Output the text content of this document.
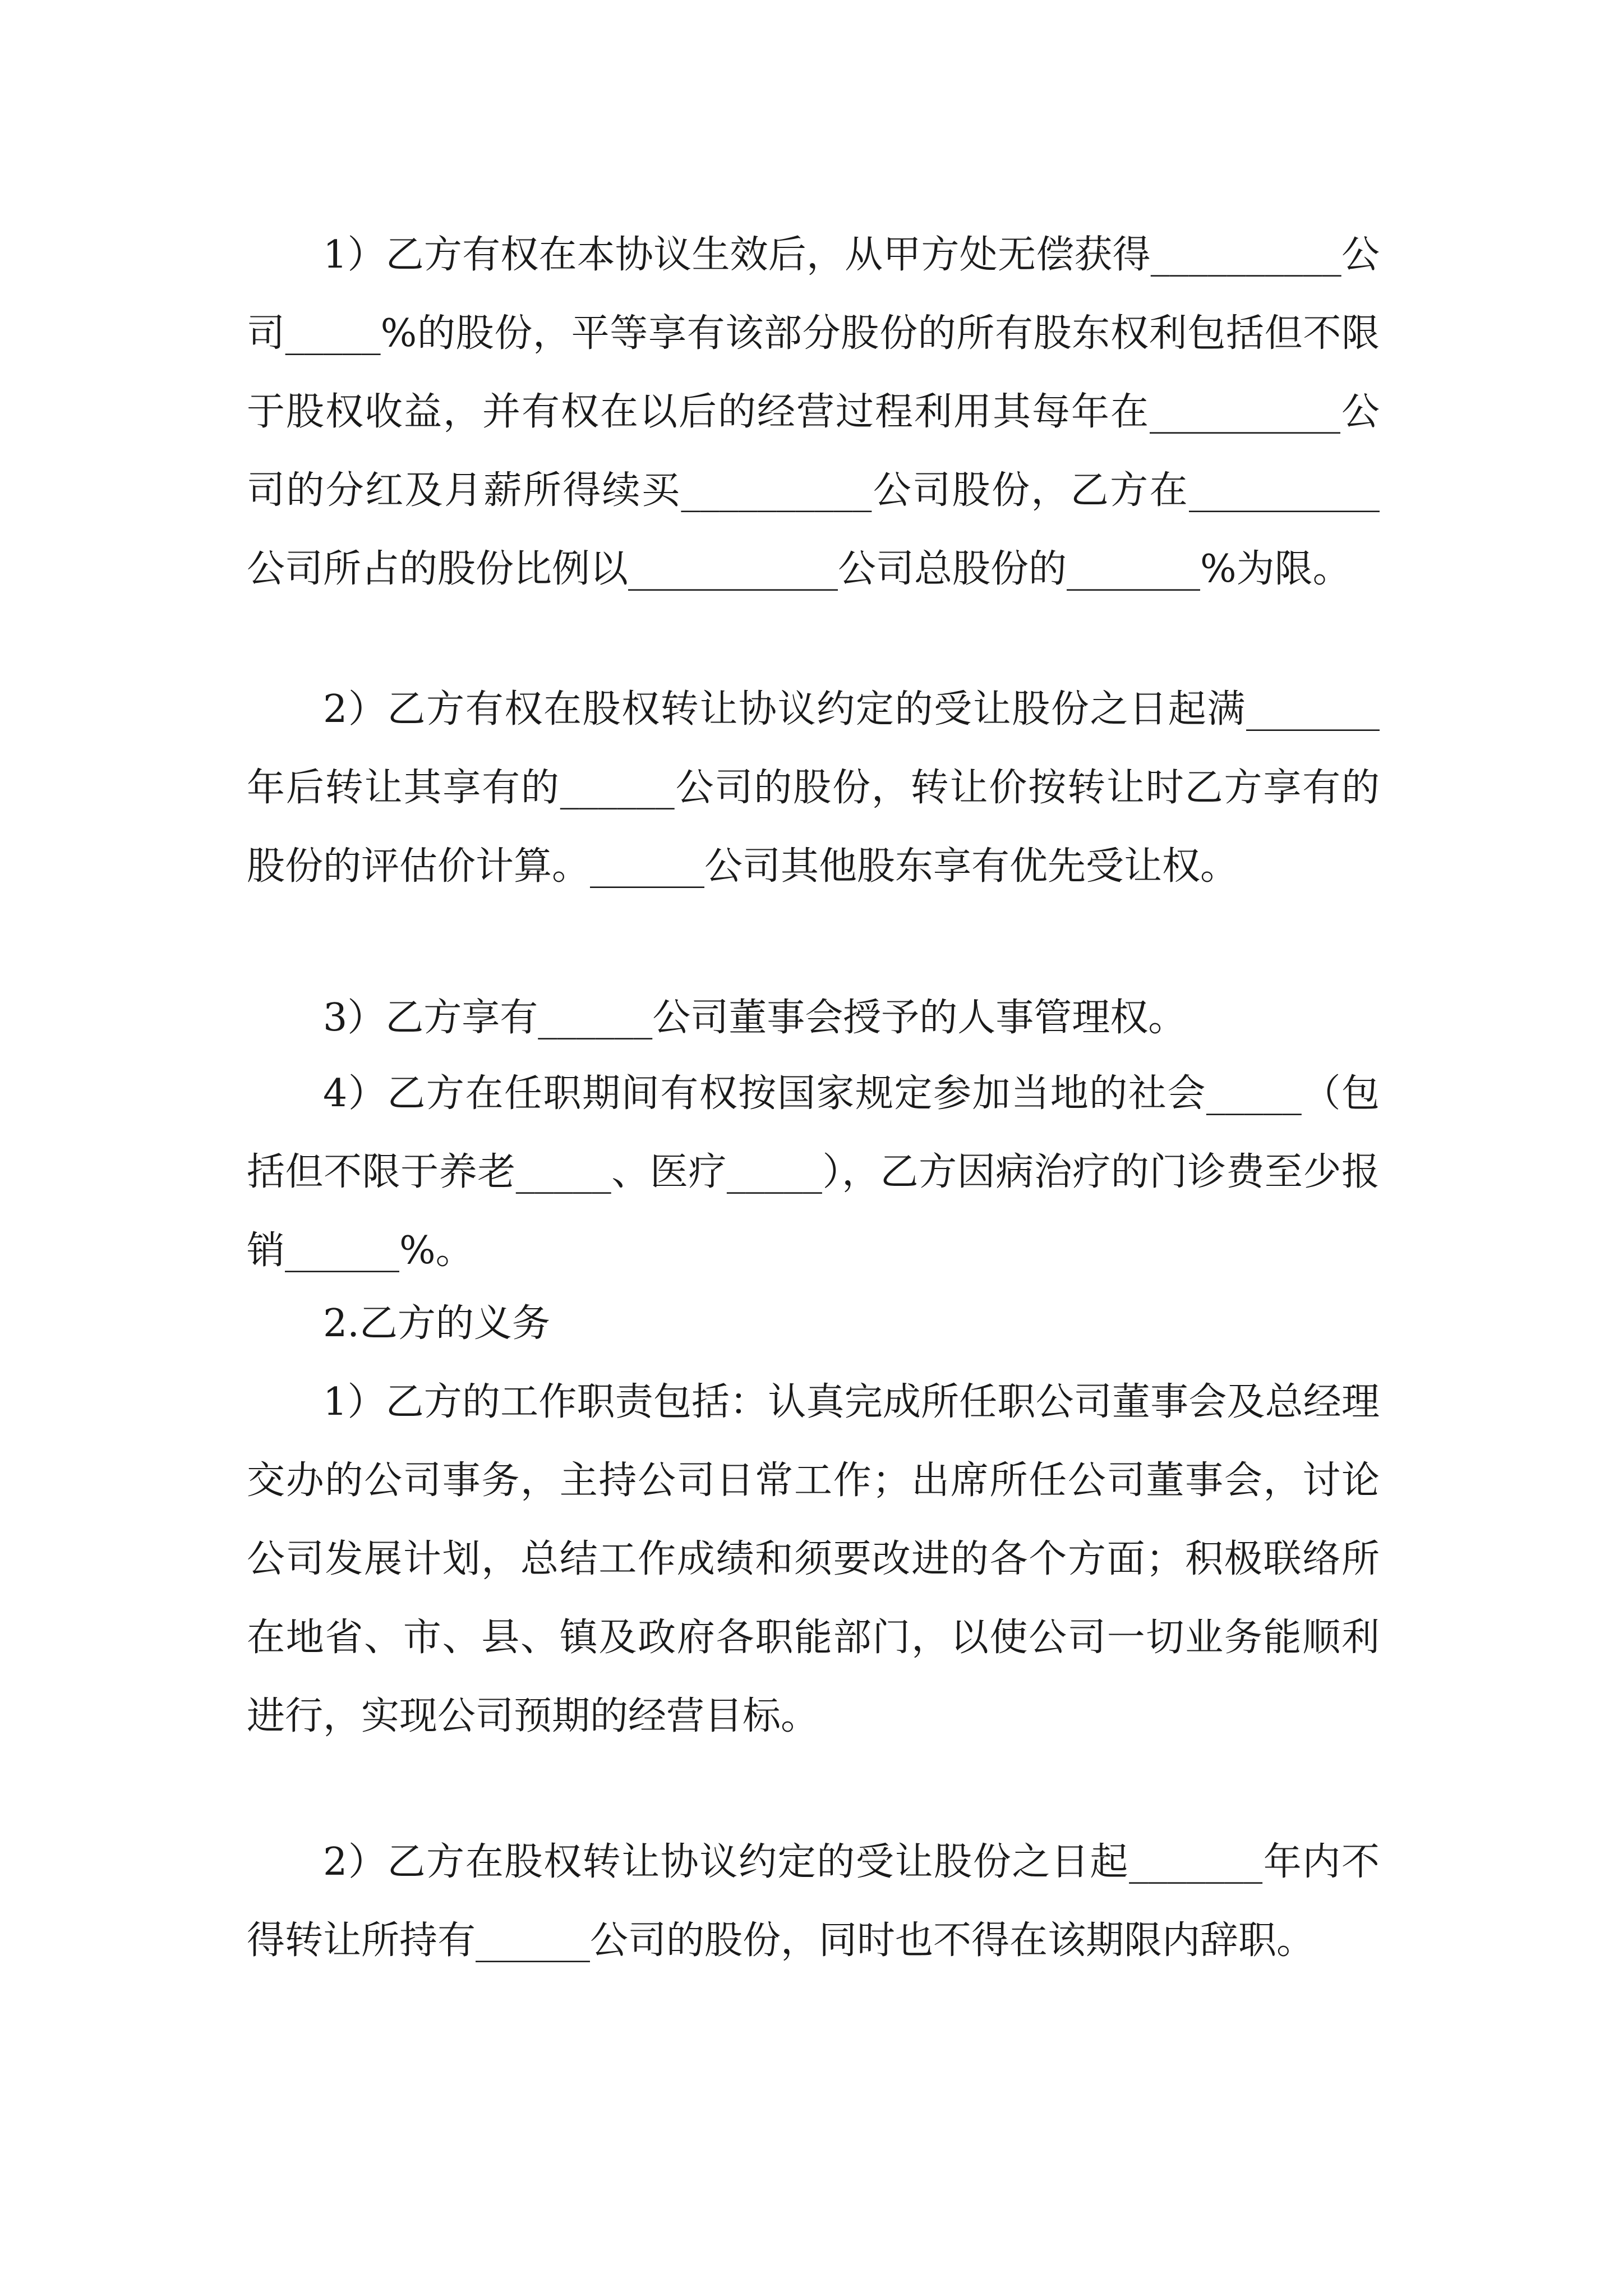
1）乙方有权在本协议生效后，从甲方处无偿获得__________公司_____%的股份，平等享有该部分股份的所有股东权利包括但不限于股权收益，并有权在以后的经营过程利用其每年在__________公司的分红及月薪所得续买__________公司股份，乙方在__________公司所占的股份比例以___________公司总股份的_______%为限。

2）乙方有权在股权转让协议约定的受让股份之日起满_______年后转让其享有的______公司的股份，转让价按转让时乙方享有的股份的评估价计算。______公司其他股东享有优先受让权。

3）乙方享有______公司董事会授予的人事管理权。

4）乙方在任职期间有权按国家规定参加当地的社会_____（包括但不限于养老_____、医疗_____），乙方因病治疗的门诊费至少报销______%。

2.乙方的义务

1）乙方的工作职责包括：认真完成所任职公司董事会及总经理交办的公司事务，主持公司日常工作；出席所任公司董事会，讨论公司发展计划，总结工作成绩和须要改进的各个方面；积极联络所在地省、市、县、镇及政府各职能部门，以使公司一切业务能顺利进行，实现公司预期的经营目标。

2）乙方在股权转让协议约定的受让股份之日起_______年内不得转让所持有______公司的股份，同时也不得在该期限内辞职。
